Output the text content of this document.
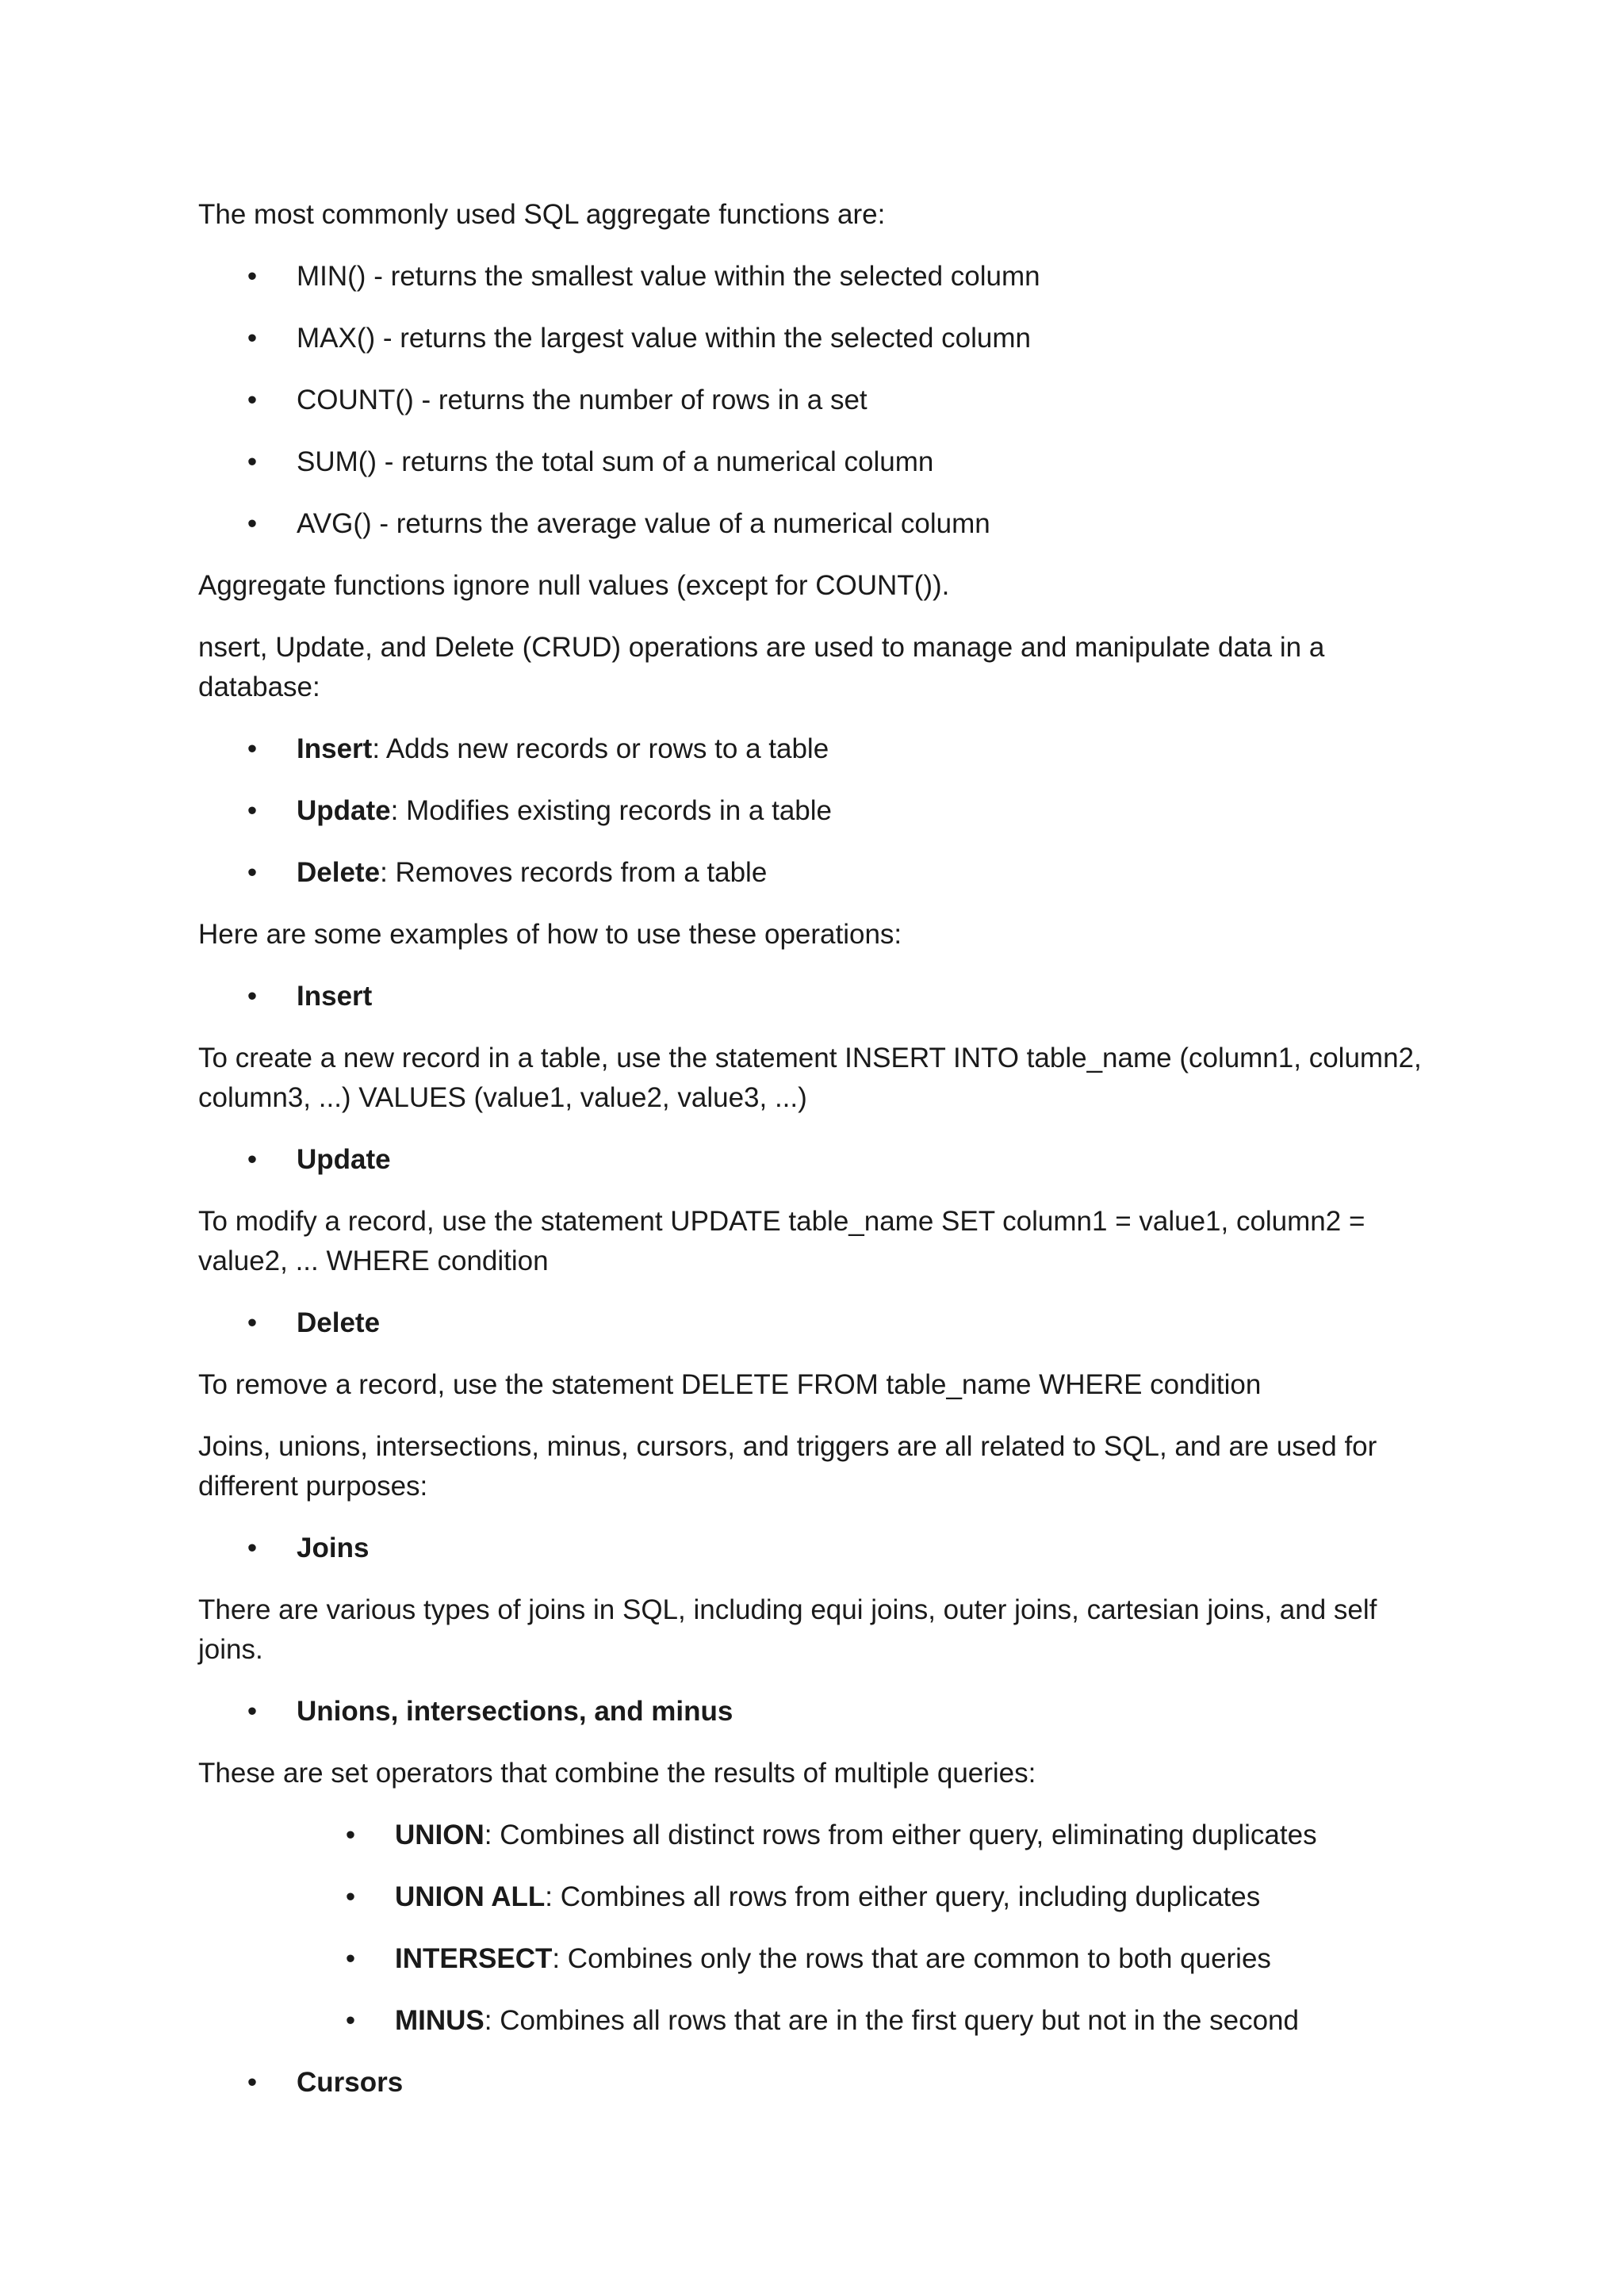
The most commonly used SQL aggregate functions are:

• MIN() - returns the smallest value within the selected column
• MAX() - returns the largest value within the selected column
• COUNT() - returns the number of rows in a set
• SUM() - returns the total sum of a numerical column
• AVG() - returns the average value of a numerical column

Aggregate functions ignore null values (except for COUNT()).

nsert, Update, and Delete (CRUD) operations are used to manage and manipulate data in a database:

• Insert: Adds new records or rows to a table
• Update: Modifies existing records in a table
• Delete: Removes records from a table

Here are some examples of how to use these operations:

• Insert

To create a new record in a table, use the statement INSERT INTO table_name (column1, column2, column3, ...) VALUES (value1, value2, value3, ...)

• Update

To modify a record, use the statement UPDATE table_name SET column1 = value1, column2 = value2, ... WHERE condition

• Delete

To remove a record, use the statement DELETE FROM table_name WHERE condition

Joins, unions, intersections, minus, cursors, and triggers are all related to SQL, and are used for different purposes:

• Joins

There are various types of joins in SQL, including equi joins, outer joins, cartesian joins, and self joins.

• Unions, intersections, and minus

These are set operators that combine the results of multiple queries:

• UNION: Combines all distinct rows from either query, eliminating duplicates
• UNION ALL: Combines all rows from either query, including duplicates
• INTERSECT: Combines only the rows that are common to both queries
• MINUS: Combines all rows that are in the first query but not in the second
• Cursors
